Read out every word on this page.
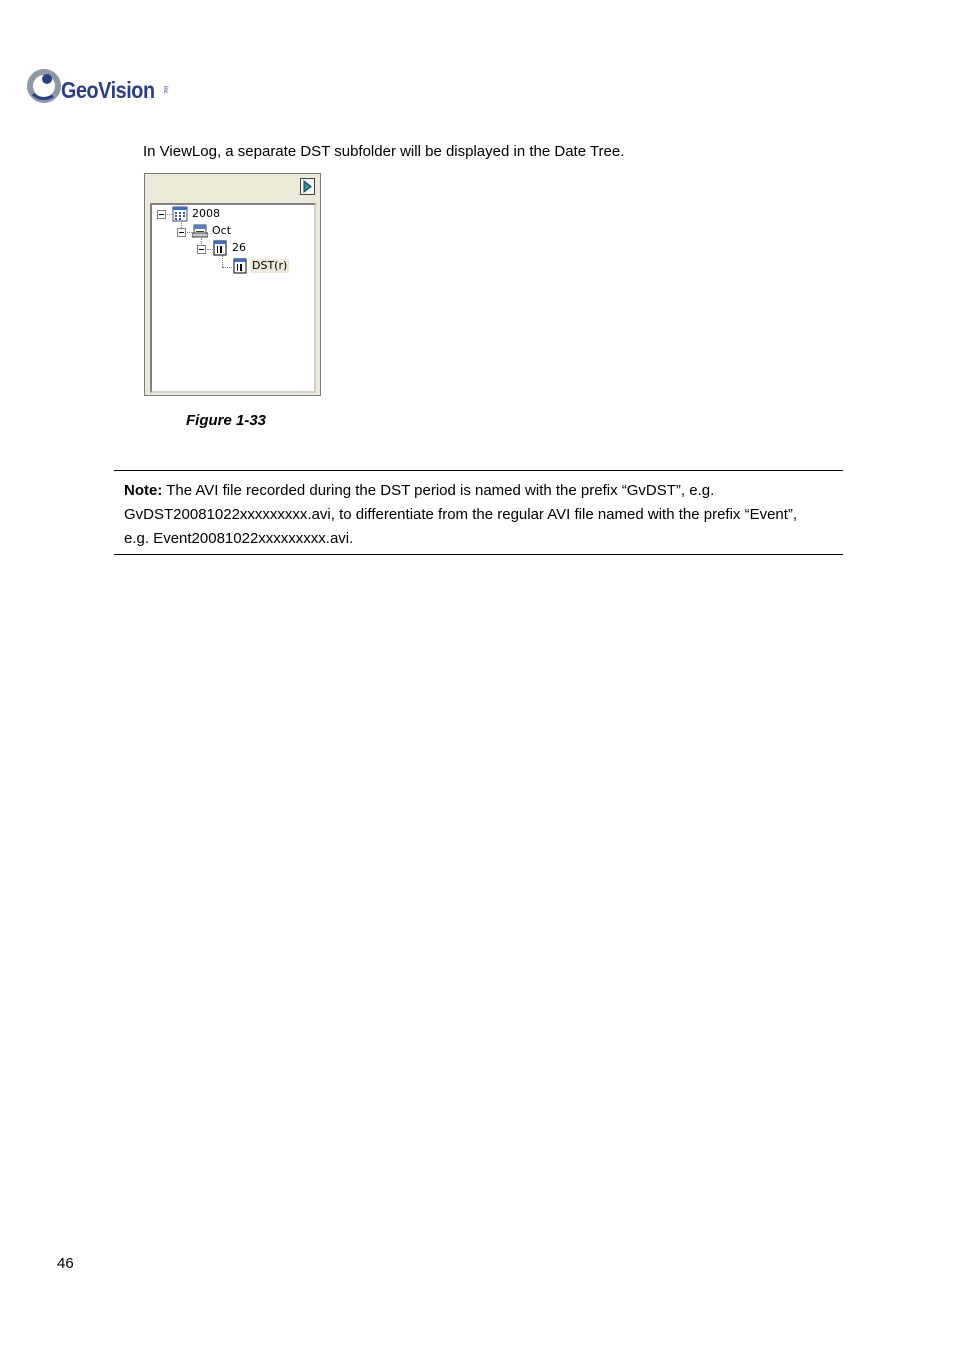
GeoVision inc
In ViewLog, a separate DST subfolder will be displayed in the Date Tree.
2008
Oct
26
DST(r)
Figure 1-33
Note: The AVI file recorded during the DST period is named with the prefix “GvDST”, e.g. GvDST20081022xxxxxxxxx.avi, to differentiate from the regular AVI file named with the prefix “Event”, e.g. Event20081022xxxxxxxxx.avi.
46
